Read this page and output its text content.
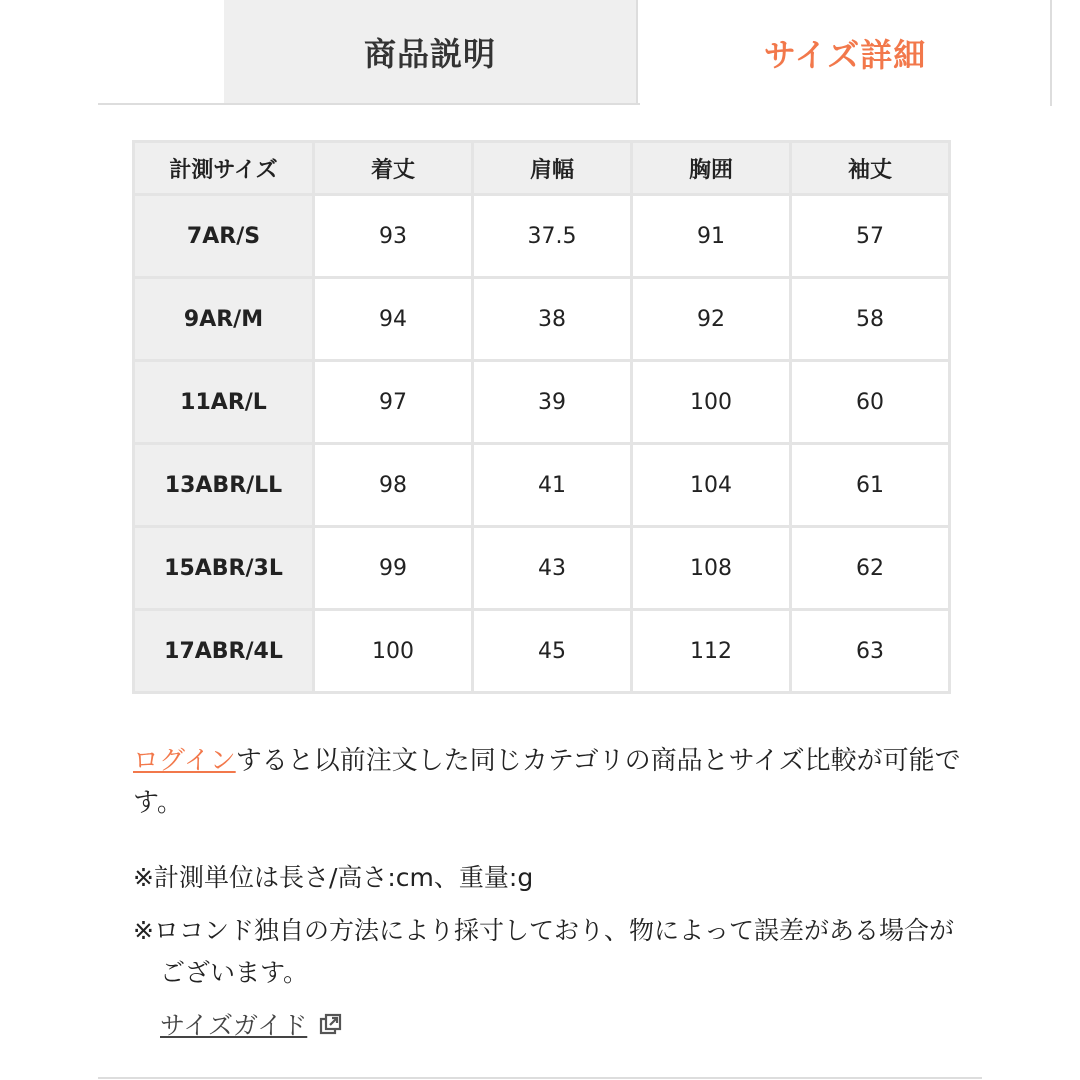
商品説明	サイズ詳細
計測サイズ	着丈	肩幅	胸囲	袖丈
7AR/S	93	37.5	91	57
9AR/M	94	38	92	58
11AR/L	97	39	100	60
13ABR/LL	98	41	104	61
15ABR/3L	99	43	108	62
17ABR/4L	100	45	112	63
ログインすると以前注文した同じカテゴリの商品とサイズ比較が可能です。
※計測単位は長さ/高さ:cm、重量:g
※ロコンド独自の方法により採寸しており、物によって誤差がある場合がございます。
サイズガイド
